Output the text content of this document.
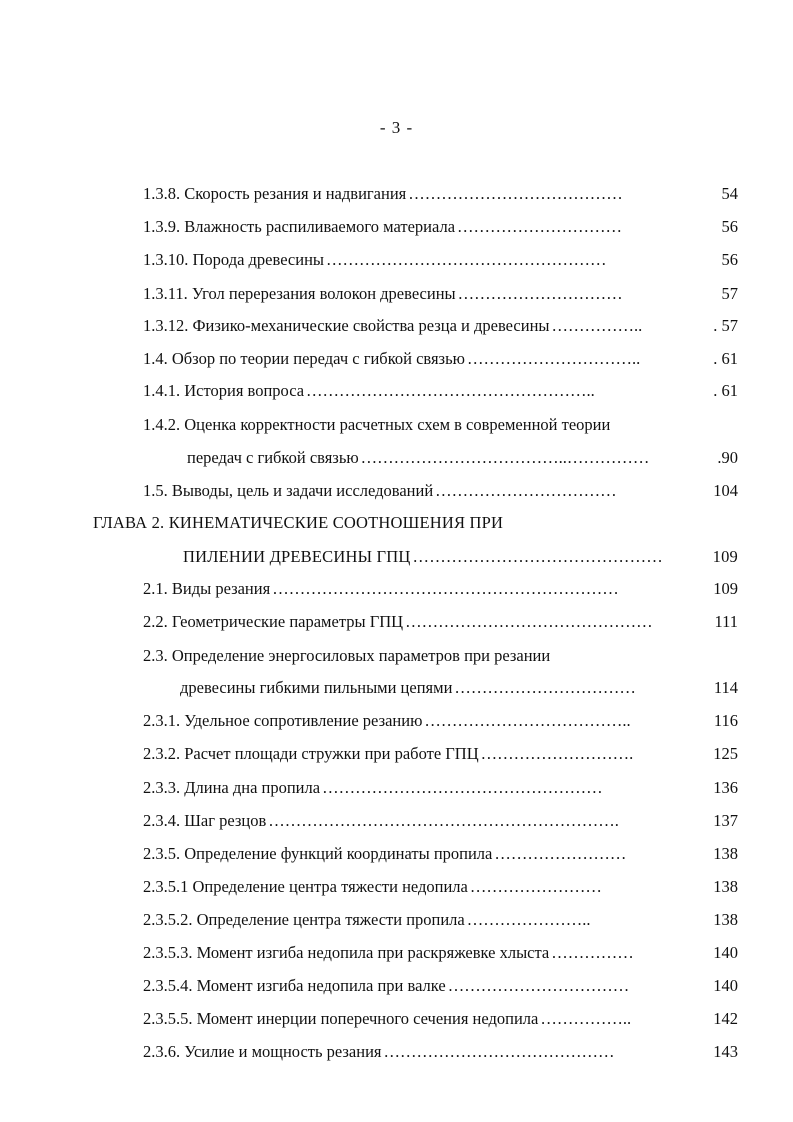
- 3 -
1.3.8. Скорость резания и надвигания …………………………………	54
1.3.9. Влажность распиливаемого материала …………………………	56
1.3.10. Порода древесины ……………………………………………	56
1.3.11. Угол перерезания волокон древесины …………………………	57
1.3.12. Физико-механические свойства резца и древесины ……………..	. 57
1.4. Обзор по теории передач с гибкой связью …………………………..	. 61
1.4.1. История вопроса ……………………………………………..	. 61
1.4.2. Оценка корректности расчетных схем в современной теории
передач с гибкой связью ………………………………..……………	.90
1.5. Выводы, цель и задачи исследований ……………………………	104
ГЛАВА 2. КИНЕМАТИЧЕСКИЕ СООТНОШЕНИЯ ПРИ
ПИЛЕНИИ ДРЕВЕСИНЫ ГПЦ ………………………………………	109
2.1. Виды резания ………………………………………………………	109
2.2. Геометрические параметры ГПЦ ………………………………………	111
2.3. Определение энергосиловых параметров при резании
древесины гибкими пильными цепями ……………………………	114
2.3.1. Удельное сопротивление резанию ………………………………..	116
2.3.2. Расчет площади стружки при работе ГПЦ ……………………….	125
2.3.3. Длина дна пропила ……………………………………………	136
2.3.4. Шаг резцов ……………………………………………………….	137
2.3.5. Определение функций координаты пропила ……………………	138
2.3.5.1 Определение центра тяжести недопила ……………………	138
2.3.5.2. Определение центра тяжести пропила …………………..	138
2.3.5.3. Момент изгиба недопила при раскряжевке хлыста ……………	140
2.3.5.4. Момент изгиба недопила при валке ……………………………	140
2.3.5.5. Момент инерции поперечного сечения недопила ……………..	142
2.3.6. Усилие и мощность резания ……………………………………	143
